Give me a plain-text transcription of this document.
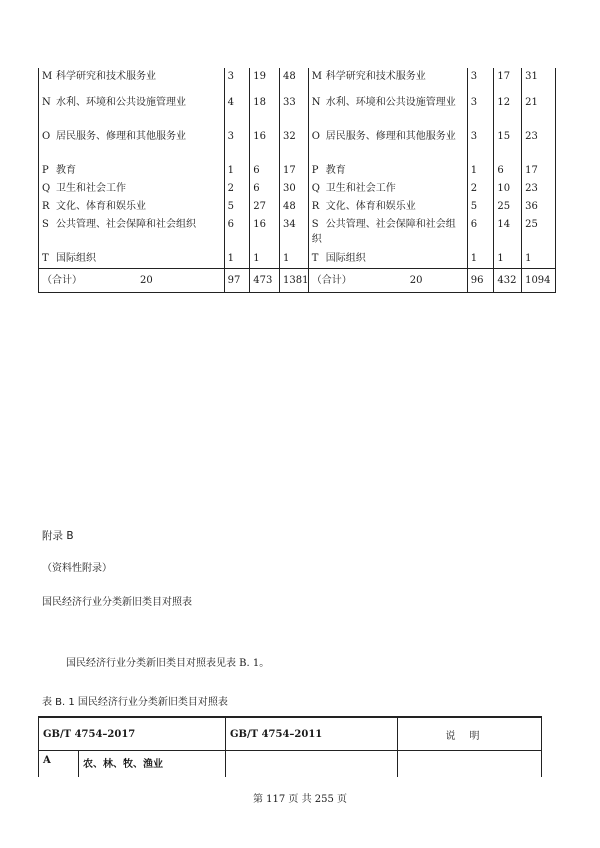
M 科学研究和技术服务业	3	19	48	M 科学研究和技术服务业	3	17	31
N 水利、环境和公共设施管理业	4	18	33	N 水利、环境和公共设施管理业	3	12	21
O 居民服务、修理和其他服务业	3	16	32	O 居民服务、修理和其他服务业	3	15	23
P 教育	1	6	17	P 教育	1	6	17
Q 卫生和社会工作	2	6	30	Q 卫生和社会工作	2	10	23
R 文化、体育和娱乐业	5	27	48	R 文化、体育和娱乐业	5	25	36
S 公共管理、社会保障和社会组织	6	16	34	S 公共管理、社会保障和社会组织	6	14	25
T 国际组织	1	1	1	T 国际组织	1	1	1
（合计） 20	97	473	1381	（合计） 20	96	432	1094
附录 B
（资料性附录）
国民经济行业分类新旧类目对照表
国民经济行业分类新旧类目对照表见表 B. 1。
表 B. 1 国民经济行业分类新旧类目对照表
GB/T 4754–2017		GB/T 4754–2011	说明
A	农、林、牧、渔业		
第 117 页 共 255 页
